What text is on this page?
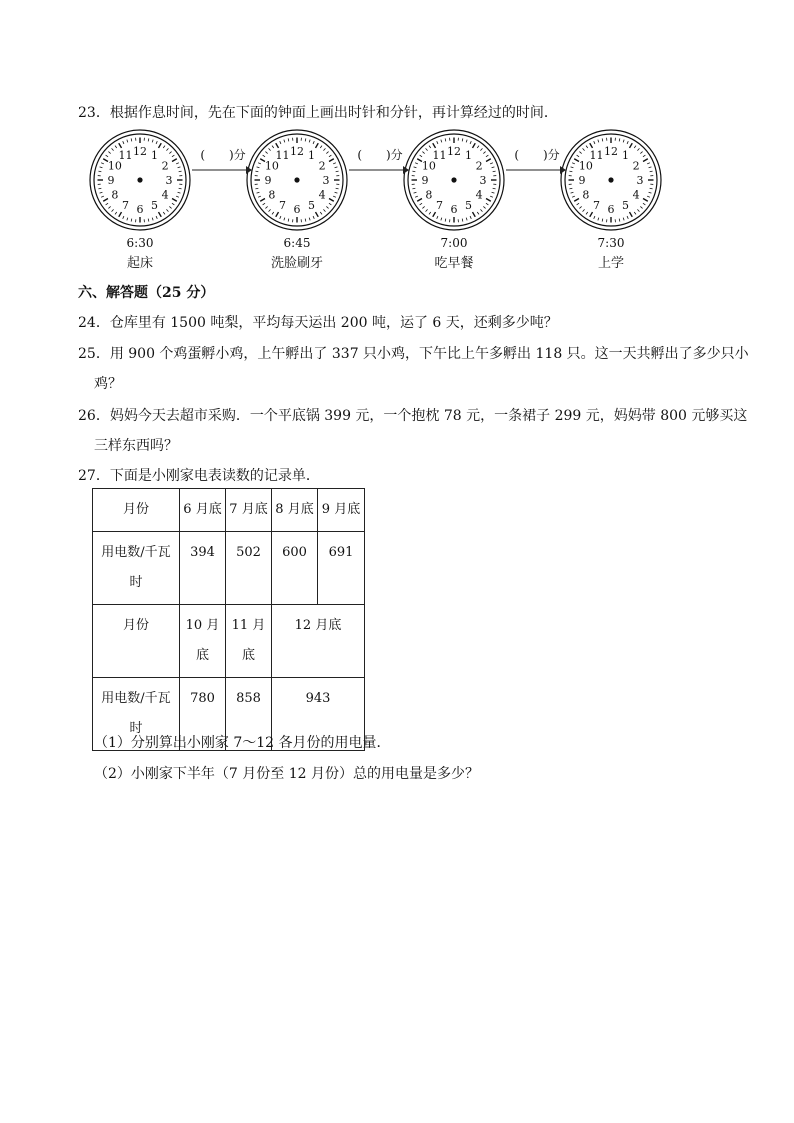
23．根据作息时间，先在下面的钟面上画出时针和分针，再计算经过的时间．
12 1
2
3
4
5
6
7
8
9
10
11	12 1
2
3
4
5
6
7
8
9
10
11	12 1
2
3
4
5
6
7
8
9
10
11	12 1
2
3
4
5
6
7
8
9
10
11
(　　)分	(　　)分	(　　)分
6:30
起床
6:45
洗脸刷牙
7:00
吃早餐
7:30
上学
六、解答题（25 分）
24．仓库里有 1500 吨梨，平均每天运出 200 吨，运了 6 天，还剩多少吨？
25．用 900 个鸡蛋孵小鸡，上午孵出了 337 只小鸡，下午比上午多孵出 118 只。这一天共孵出了多少只小
鸡？
26．妈妈今天去超市采购．一个平底锅 399 元，一个抱枕 78 元，一条裙子 299 元，妈妈带 800 元够买这
三样东西吗？
27．下面是小刚家电表读数的记录单．
月份	6 月底	7 月底	8 月底	9 月底
用电数/千瓦时	394	502	600	691
月份	10 月底	11 月底	12 月底	
用电数/千瓦时	780	858	943	
（1）分别算出小刚家 7～12 各月份的用电量．
（2）小刚家下半年（7 月份至 12 月份）总的用电量是多少？
